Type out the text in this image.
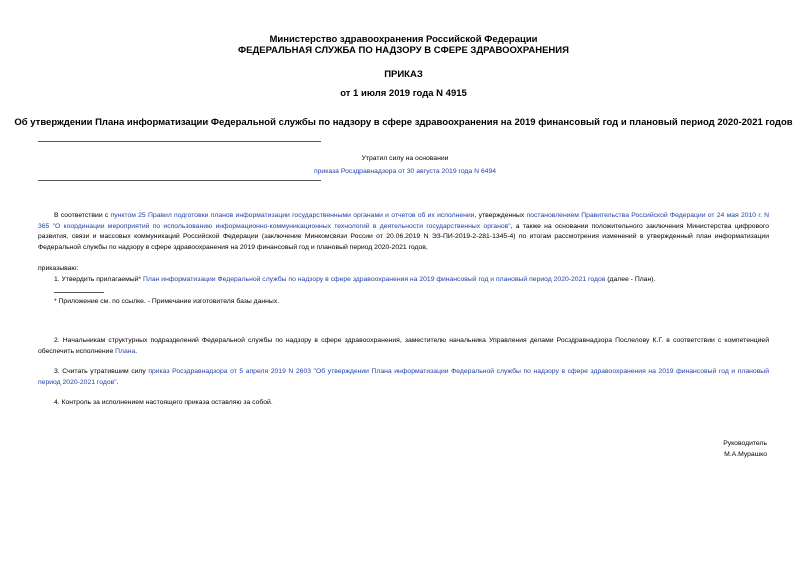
Министерство здравоохранения Российской Федерации
ФЕДЕРАЛЬНАЯ СЛУЖБА ПО НАДЗОРУ В СФЕРЕ ЗДРАВООХРАНЕНИЯ
ПРИКАЗ
от 1 июля 2019 года N 4915
Об утверждении Плана информатизации Федеральной службы по надзору в сфере здравоохранения на 2019 финансовый год и плановый период 2020-2021 годов
Утратил силу на основании
приказа Росздравнадзора от 30 августа 2019 года N 6494
В соответствии с пунктом 25 Правил подготовки планов информатизации государственными органами и отчетов об их исполнении, утвержденных постановлением Правительства Российской Федерации от 24 мая 2010 г. N 365 "О координации мероприятий по использованию информационно-коммуникационных технологий в деятельности государственных органов", а также на основании положительного заключения Министерства цифрового развития, связи и массовых коммуникаций Российской Федерации (заключение Минкомсвязи России от 20.06.2019 N ЭЗ-ПИ-2019-2-281-1345-4) по итогам рассмотрения изменений в утвержденный план информатизации Федеральной службы по надзору в сфере здравоохранения на 2019 финансовый год и плановый период 2020-2021 годов,
приказываю:
1. Утвердить прилагаемый* План информатизации Федеральной службы по надзору в сфере здравоохранения на 2019 финансовый год и плановый период 2020-2021 годов (далее - План).
* Приложение см. по ссылке. - Примечание изготовителя базы данных.
2. Начальникам структурных подразделений Федеральной службы по надзору в сфере здравоохранения, заместителю начальника Управления делами Росздравнадзора Послелову К.Г. в соответствии с компетенцией обеспечить исполнение Плана.
3. Считать утратившим силу приказ Росздравнадзора от 5 апреля 2019 N 2603 "Об утверждении Плана информатизации Федеральной службы по надзору в сфере здравоохранения на 2019 финансовый год и плановый период 2020-2021 годов".
4. Контроль за исполнением настоящего приказа оставляю за собой.
Руководитель
М.А.Мурашко
